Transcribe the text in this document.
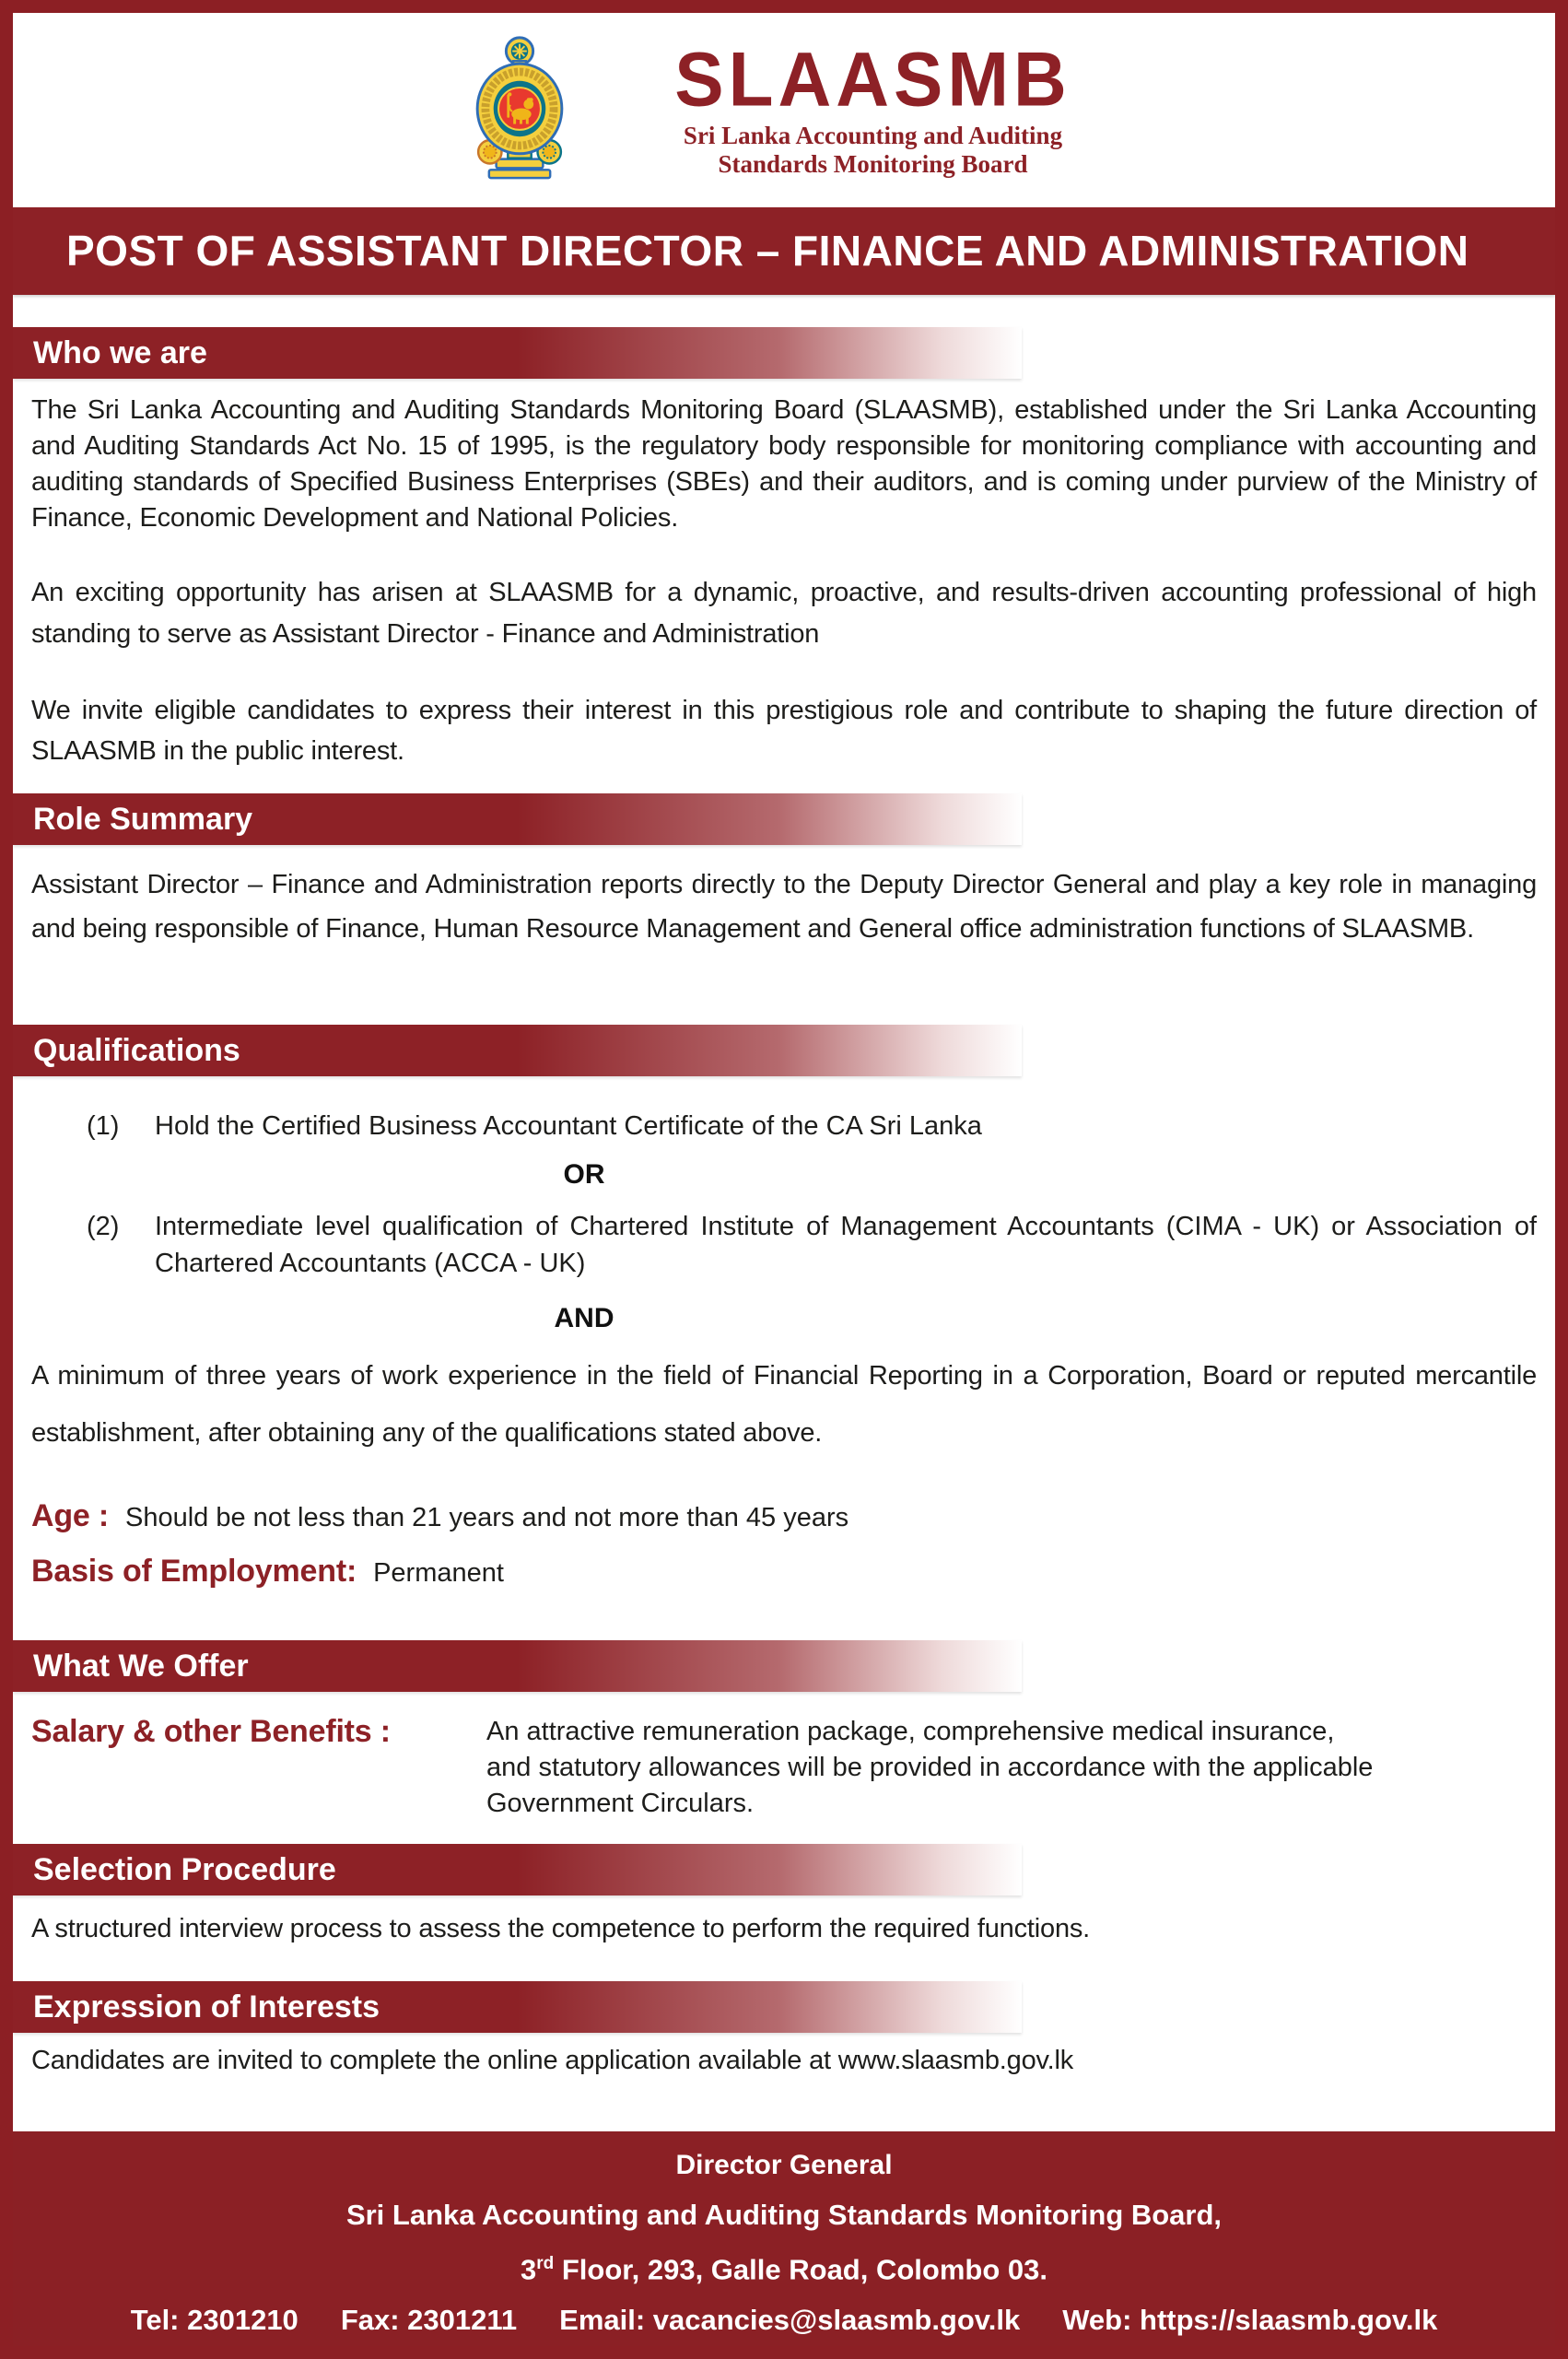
SLAASMB
Sri Lanka Accounting and Auditing
Standards Monitoring Board
POST OF ASSISTANT DIRECTOR – FINANCE AND ADMINISTRATION
Who we are
The Sri Lanka Accounting and Auditing Standards Monitoring Board (SLAASMB), established under the Sri Lanka Accounting and Auditing Standards Act No. 15 of 1995, is the regulatory body responsible for monitoring compliance with accounting and auditing standards of Specified Business Enterprises (SBEs) and their auditors, and is coming under purview of the Ministry of Finance, Economic Development and National Policies.
An exciting opportunity has arisen at SLAASMB for a dynamic, proactive, and results-driven accounting professional of high standing to serve as Assistant Director - Finance and Administration
We invite eligible candidates to express their interest in this prestigious role and contribute to shaping the future direction of SLAASMB in the public interest.
Role Summary
Assistant Director – Finance and Administration reports directly to the Deputy Director General and play a key role in managing and being responsible of Finance, Human Resource Management and General office administration functions of SLAASMB.
Qualifications
(1)	Hold the Certified Business Accountant Certificate of the CA Sri Lanka
OR
(2)	Intermediate level qualification of Chartered Institute of Management Accountants (CIMA - UK) or Association of Chartered Accountants (ACCA - UK)
AND
A minimum of three years of work experience in the field of Financial Reporting in a Corporation, Board or reputed mercantile establishment, after obtaining any of the qualifications stated above.
Age : Should be not less than 21 years and not more than 45 years
Basis of Employment: Permanent
What We Offer
Salary & other Benefits :	An attractive remuneration package, comprehensive medical insurance, and statutory allowances will be provided in accordance with the applicable Government Circulars.
Selection Procedure
A structured interview process to assess the competence to perform the required functions.
Expression of Interests
Candidates are invited to complete the online application available at www.slaasmb.gov.lk
Director General
Sri Lanka Accounting and Auditing Standards Monitoring Board,
3rd Floor, 293, Galle Road, Colombo 03.
Tel: 2301210 Fax: 2301211 Email: vacancies@slaasmb.gov.lk Web: https://slaasmb.gov.lk
